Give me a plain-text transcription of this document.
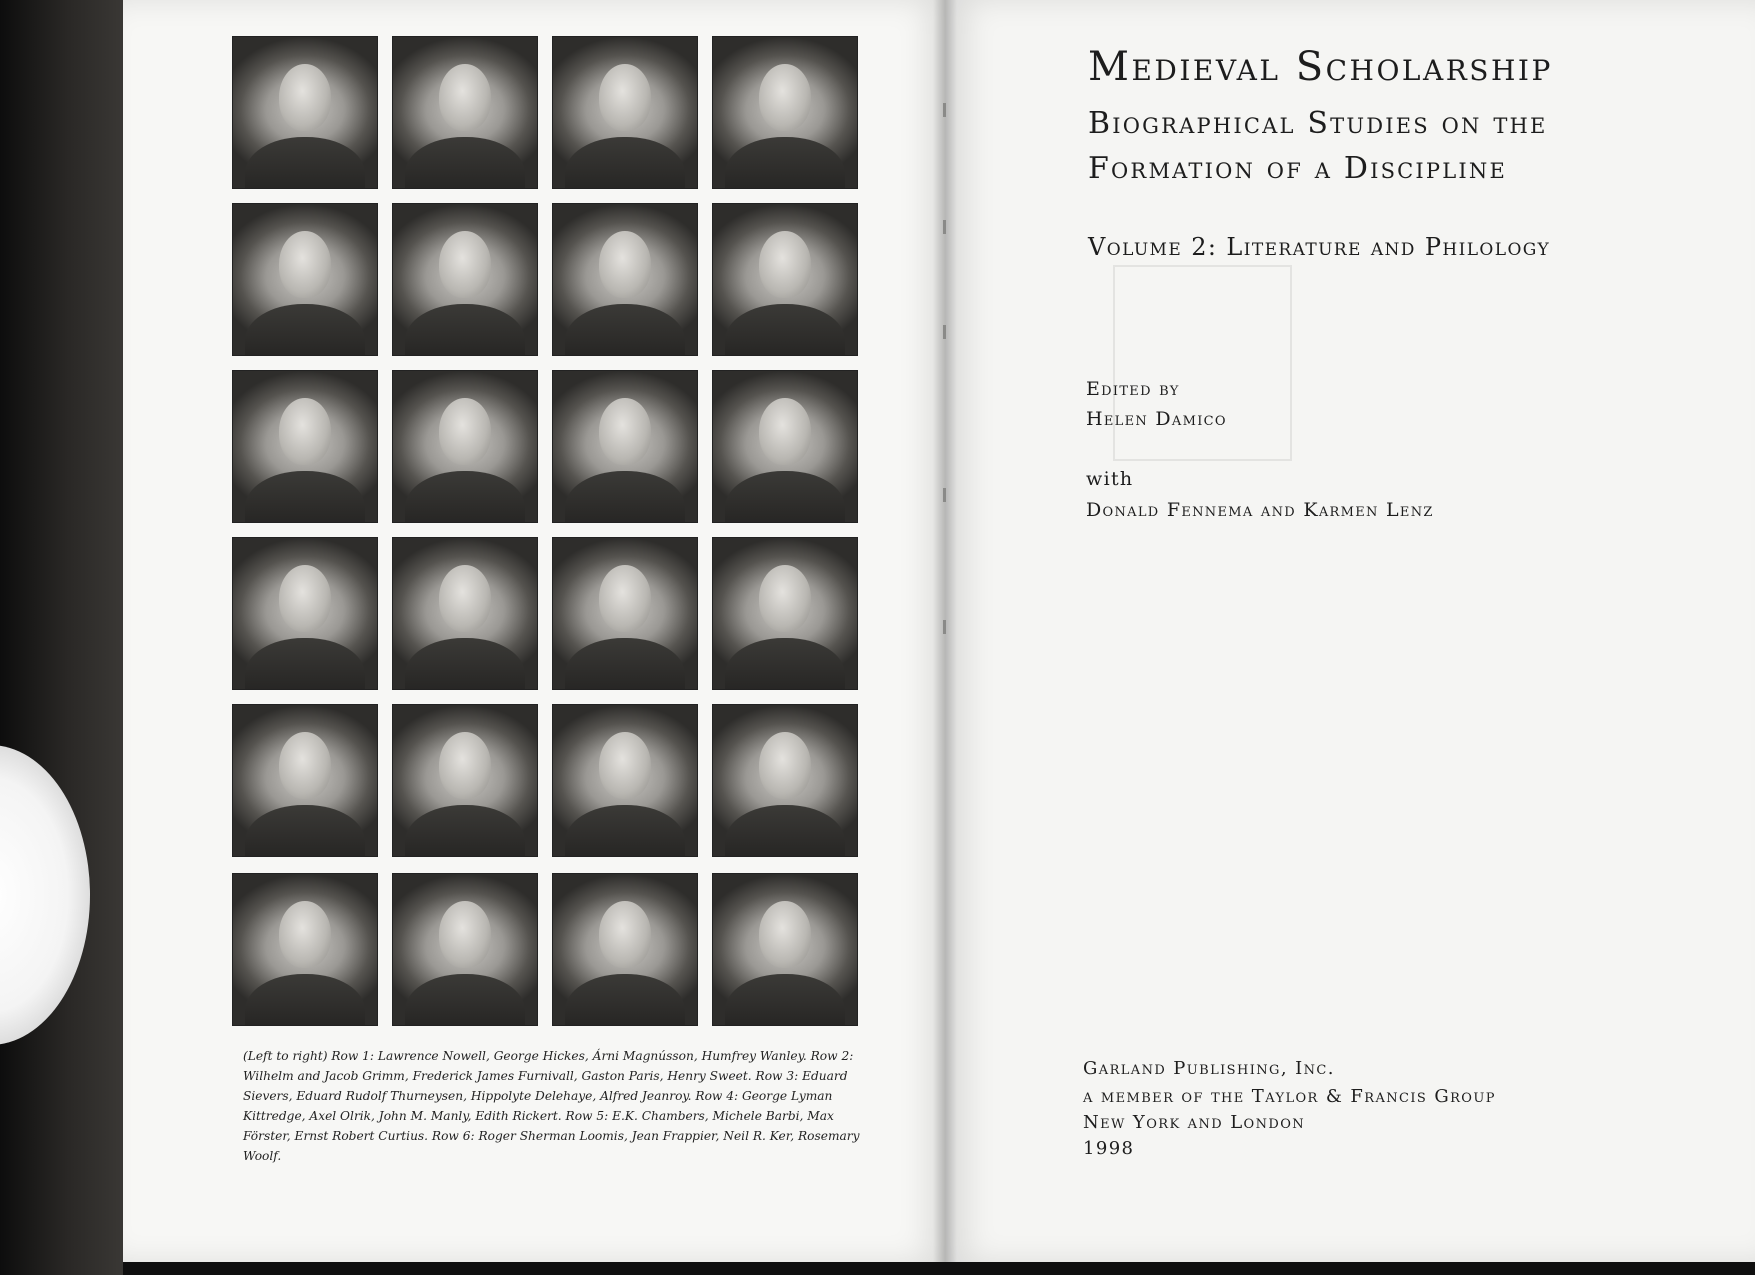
(Left to right) Row 1: Lawrence Nowell, George Hickes, Árni Magnússon, Humfrey Wanley. Row 2: Wilhelm and Jacob Grimm, Frederick James Furnivall, Gaston Paris, Henry Sweet. Row 3: Eduard Sievers, Eduard Rudolf Thurneysen, Hippolyte Delehaye, Alfred Jeanroy. Row 4: George Lyman Kittredge, Axel Olrik, John M. Manly, Edith Rickert. Row 5: E.K. Chambers, Michele Barbi, Max Förster, Ernst Robert Curtius. Row 6: Roger Sherman Loomis, Jean Frappier, Neil R. Ker, Rosemary Woolf.

Medieval Scholarship
Biographical Studies on the
Formation of a Discipline
Volume 2: Literature and Philology

Edited by

Helen Damico

with

Donald Fennema and Karmen Lenz

Garland Publishing, Inc.

a member of the Taylor & Francis Group

New York and London

1998
